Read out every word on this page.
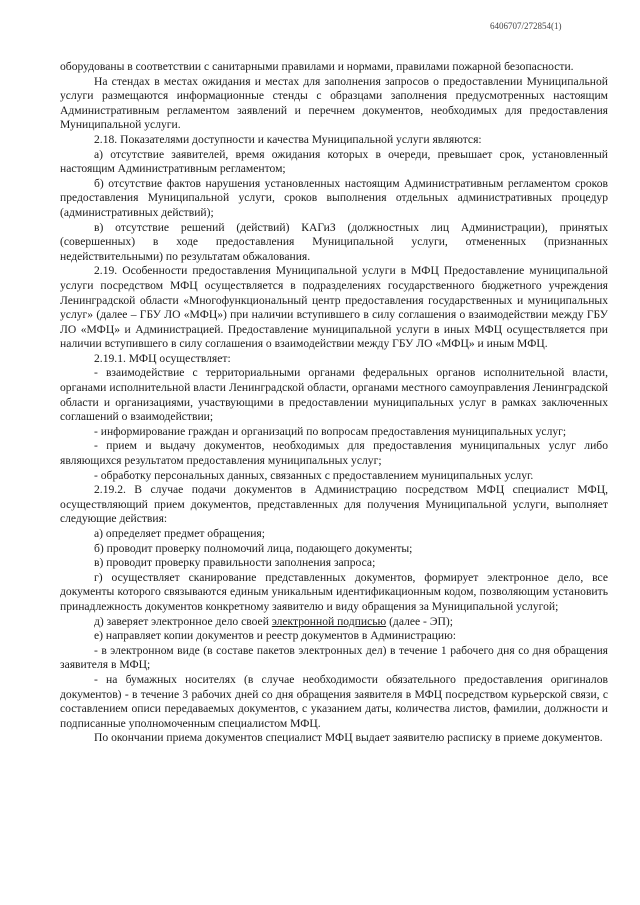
6406707/272854(1)

оборудованы в соответствии с санитарными правилами и нормами, правилами пожарной безопасности.

На стендах в местах ожидания и местах для заполнения запросов о предоставлении Муниципальной услуги размещаются информационные стенды с образцами заполнения предусмотренных настоящим Административным регламентом заявлений и перечнем документов, необходимых для предоставления Муниципальной услуги.

2.18. Показателями доступности и качества Муниципальной услуги являются:

а) отсутствие заявителей, время ожидания которых в очереди, превышает срок, установленный настоящим Административным регламентом;

б) отсутствие фактов нарушения установленных настоящим Административным регламентом сроков предоставления Муниципальной услуги, сроков выполнения отдельных административных процедур (административных действий);

в) отсутствие решений (действий) КАГиЗ (должностных лиц Администрации), принятых (совершенных) в ходе предоставления Муниципальной услуги, отмененных (признанных недействительными) по результатам обжалования.

2.19. Особенности предоставления Муниципальной услуги в МФЦ Предоставление муниципальной услуги посредством МФЦ осуществляется в подразделениях государственного бюджетного учреждения Ленинградской области «Многофункциональный центр предоставления государственных и муниципальных услуг» (далее – ГБУ ЛО «МФЦ») при наличии вступившего в силу соглашения о взаимодействии между ГБУ ЛО «МФЦ» и Администрацией. Предоставление муниципальной услуги в иных МФЦ осуществляется при наличии вступившего в силу соглашения о взаимодействии между ГБУ ЛО «МФЦ» и иным МФЦ.

2.19.1. МФЦ осуществляет:

- взаимодействие с территориальными органами федеральных органов исполнительной власти, органами исполнительной власти Ленинградской области, органами местного самоуправления Ленинградской области и организациями, участвующими в предоставлении муниципальных услуг в рамках заключенных соглашений о взаимодействии;

- информирование граждан и организаций по вопросам предоставления муниципальных услуг;

- прием и выдачу документов, необходимых для предоставления муниципальных услуг либо являющихся результатом предоставления муниципальных услуг;

- обработку персональных данных, связанных с предоставлением муниципальных услуг.

2.19.2. В случае подачи документов в Администрацию посредством МФЦ специалист МФЦ, осуществляющий прием документов, представленных для получения Муниципальной услуги, выполняет следующие действия:

а) определяет предмет обращения;

б) проводит проверку полномочий лица, подающего документы;

в) проводит проверку правильности заполнения запроса;

г) осуществляет сканирование представленных документов, формирует электронное дело, все документы которого связываются единым уникальным идентификационным кодом, позволяющим установить принадлежность документов конкретному заявителю и виду обращения за Муниципальной услугой;

д) заверяет электронное дело своей электронной подписью (далее - ЭП);

е) направляет копии документов и реестр документов в Администрацию:

- в электронном виде (в составе пакетов электронных дел) в течение 1 рабочего дня со дня обращения заявителя в МФЦ;

- на бумажных носителях (в случае необходимости обязательного предоставления оригиналов документов) - в течение 3 рабочих дней со дня обращения заявителя в МФЦ посредством курьерской связи, с составлением описи передаваемых документов, с указанием даты, количества листов, фамилии, должности и подписанные уполномоченным специалистом МФЦ.

По окончании приема документов специалист МФЦ выдает заявителю расписку в приеме документов.
